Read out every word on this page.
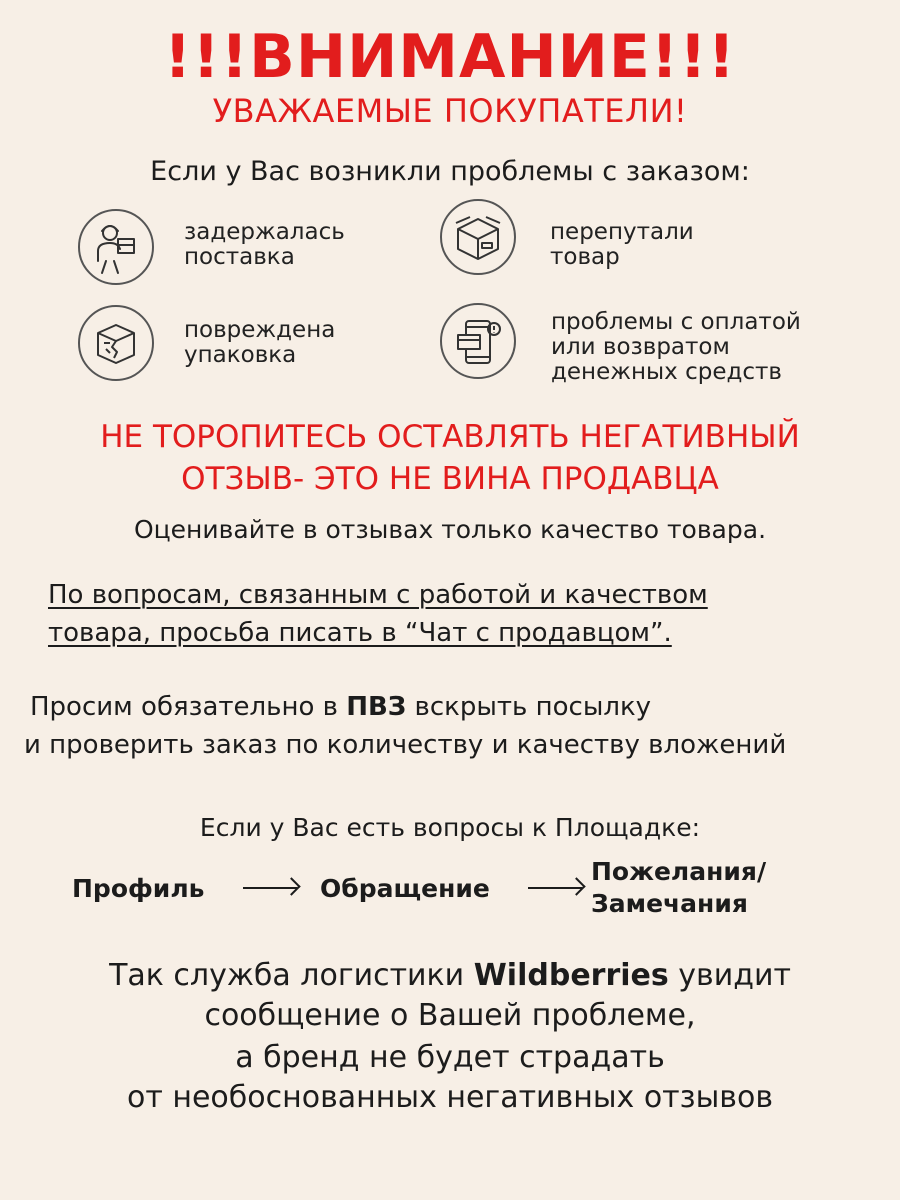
!!!ВНИМАНИЕ!!!
УВАЖАЕМЫЕ ПОКУПАТЕЛИ!
Если у Вас возникли проблемы с заказом:
задержалась
поставка
перепутали
товар
повреждена
упаковка
проблемы с оплатой
или возвратом
денежных средств
НЕ ТОРОПИТЕСЬ ОСТАВЛЯТЬ НЕГАТИВНЫЙ
ОТЗЫВ- ЭТО НЕ ВИНА ПРОДАВЦА
Оценивайте в отзывах только качество товара.
По вопросам, связанным с работой и качеством
товара, просьба писать в “Чат с продавцом”.
Просим обязательно в ПВЗ вскрыть посылку
и проверить заказ по количеству и качеству вложений
Если у Вас есть вопросы к Площадке:
Профиль	Обращение
Пожелания/
Замечания
Так служба логистики Wildberries увидит
сообщение о Вашей проблеме,
а бренд не будет страдать
от необоснованных негативных отзывов
